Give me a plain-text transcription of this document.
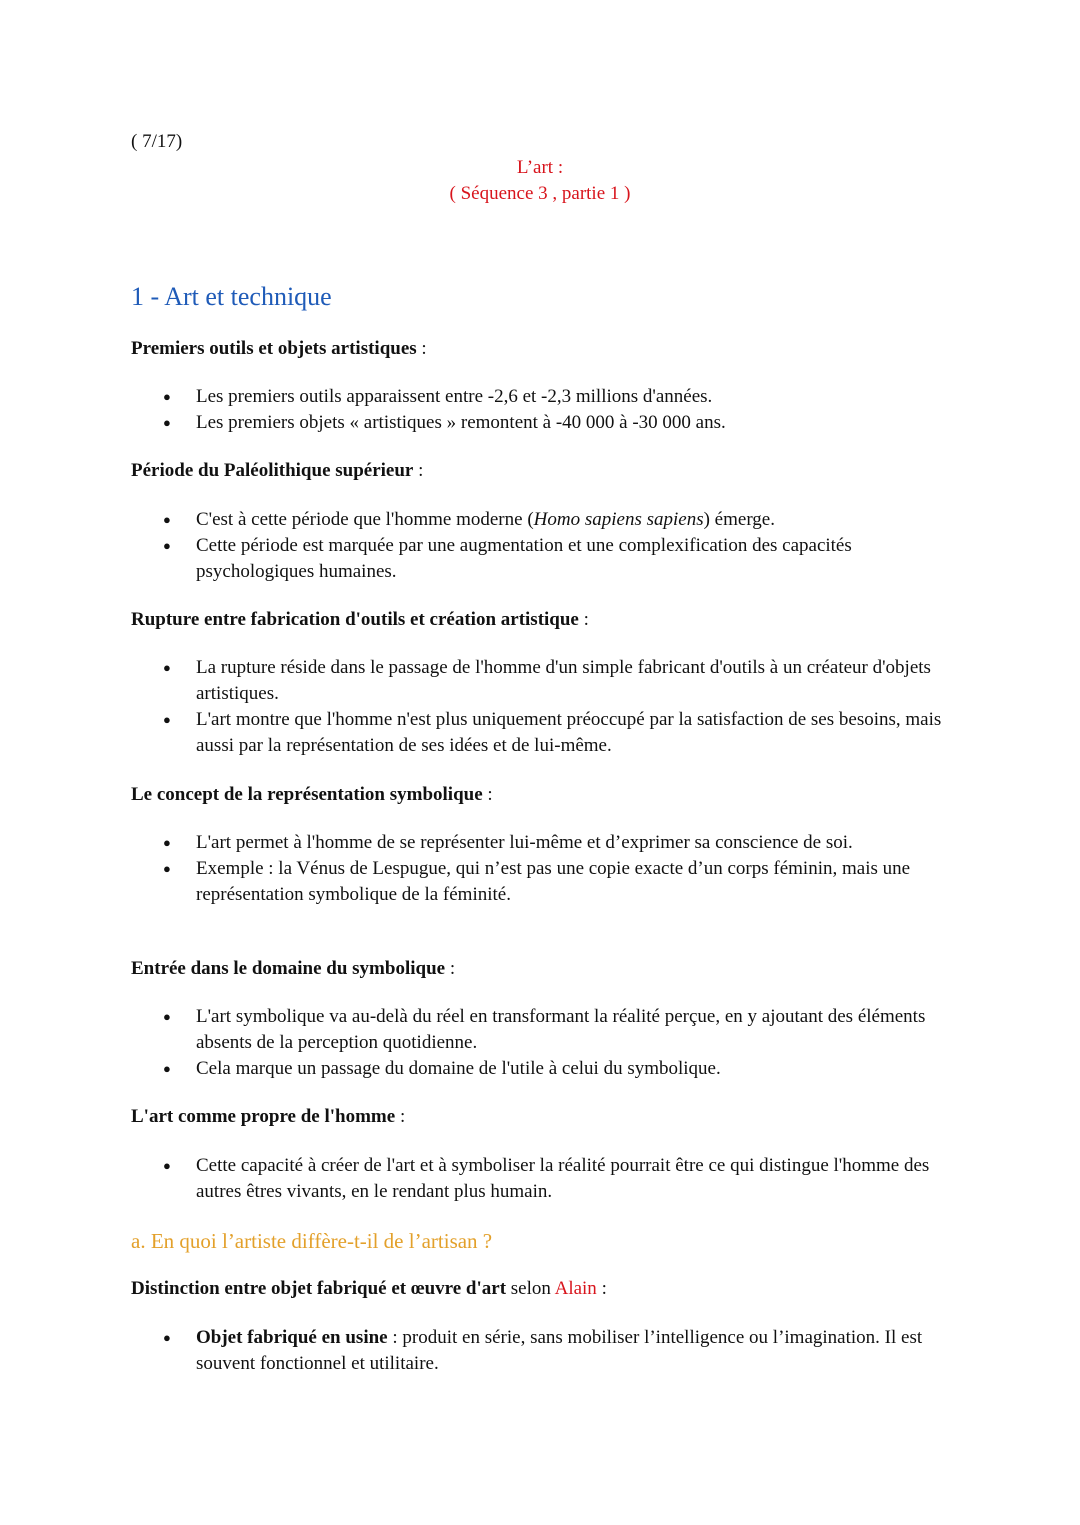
( 7/17)
L’art :
( Séquence 3 , partie 1 )
1 - Art et technique
Premiers outils et objets artistiques :
● Les premiers outils apparaissent entre -2,6 et -2,3 millions d'années.
● Les premiers objets « artistiques » remontent à -40 000 à -30 000 ans.
Période du Paléolithique supérieur :
● C'est à cette période que l'homme moderne (Homo sapiens sapiens) émerge.
● Cette période est marquée par une augmentation et une complexification des capacités psychologiques humaines.
Rupture entre fabrication d'outils et création artistique :
● La rupture réside dans le passage de l'homme d'un simple fabricant d'outils à un créateur d'objets artistiques.
● L'art montre que l'homme n'est plus uniquement préoccupé par la satisfaction de ses besoins, mais aussi par la représentation de ses idées et de lui-même.
Le concept de la représentation symbolique :
● L'art permet à l'homme de se représenter lui-même et d’exprimer sa conscience de soi.
● Exemple : la Vénus de Lespugue, qui n’est pas une copie exacte d’un corps féminin, mais une représentation symbolique de la féminité.
Entrée dans le domaine du symbolique :
● L'art symbolique va au-delà du réel en transformant la réalité perçue, en y ajoutant des éléments absents de la perception quotidienne.
● Cela marque un passage du domaine de l'utile à celui du symbolique.
L'art comme propre de l'homme :
● Cette capacité à créer de l'art et à symboliser la réalité pourrait être ce qui distingue l'homme des autres êtres vivants, en le rendant plus humain.
a. En quoi l’artiste diffère-t-il de l’artisan ?
Distinction entre objet fabriqué et œuvre d'art selon Alain :
● Objet fabriqué en usine : produit en série, sans mobiliser l’intelligence ou l’imagination. Il est souvent fonctionnel et utilitaire.
